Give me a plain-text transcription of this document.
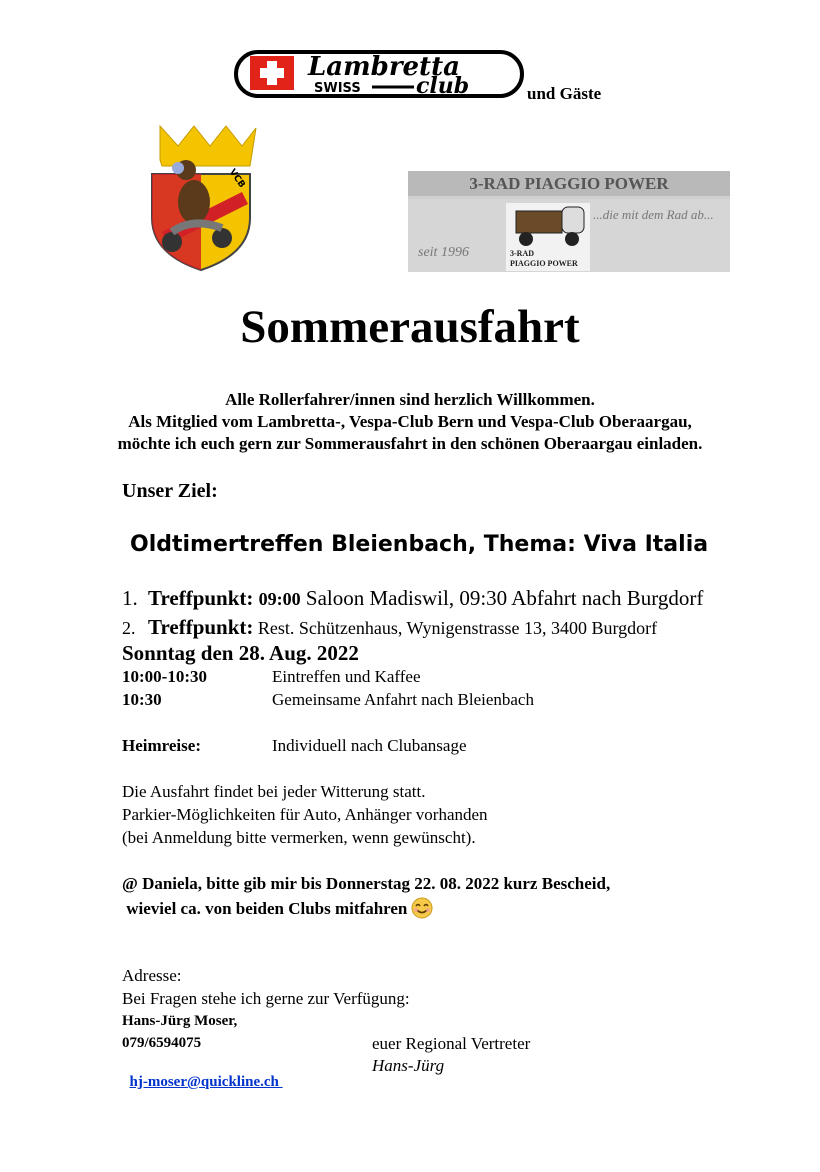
Lambretta
SWISS	club	und Gäste
VCB	3-RAD PIAGGIO POWER
seit 1996	3-RAD
PIAGGIO POWER
...die mit dem Rad ab...
Sommerausfahrt
Alle Rollerfahrer/innen sind herzlich Willkommen.
Als Mitglied vom Lambretta-, Vespa-Club Bern und Vespa-Club Oberaargau,
möchte ich euch gern zur Sommerausfahrt in den schönen Oberaargau einladen.
Unser Ziel:
Oldtimertreffen Bleienbach, Thema: Viva Italia
1. Treffpunkt: 09:00 Saloon Madiswil, 09:30 Abfahrt nach Burgdorf
2. Treffpunkt: Rest. Schützenhaus, Wynigenstrasse 13, 3400 Burgdorf
Sonntag den 28. Aug. 2022
10:00-10:30	Eintreffen und Kaffee
10:30	Gemeinsame Anfahrt nach Bleienbach
Heimreise:	Individuell nach Clubansage
Die Ausfahrt findet bei jeder Witterung statt.
Parkier-Möglichkeiten für Auto, Anhänger vorhanden
(bei Anmeldung bitte vermerken, wenn gewünscht).
@ Daniela, bitte gib mir bis Donnerstag 22. 08. 2022 kurz Bescheid,
wieviel ca. von beiden Clubs mitfahren
Adresse:
Bei Fragen stehe ich gerne zur Verfügung:
Hans-Jürg Moser,
079/6594075	euer Regional Vertreter

hj-moser@quickline.ch

Hans-Jürg
